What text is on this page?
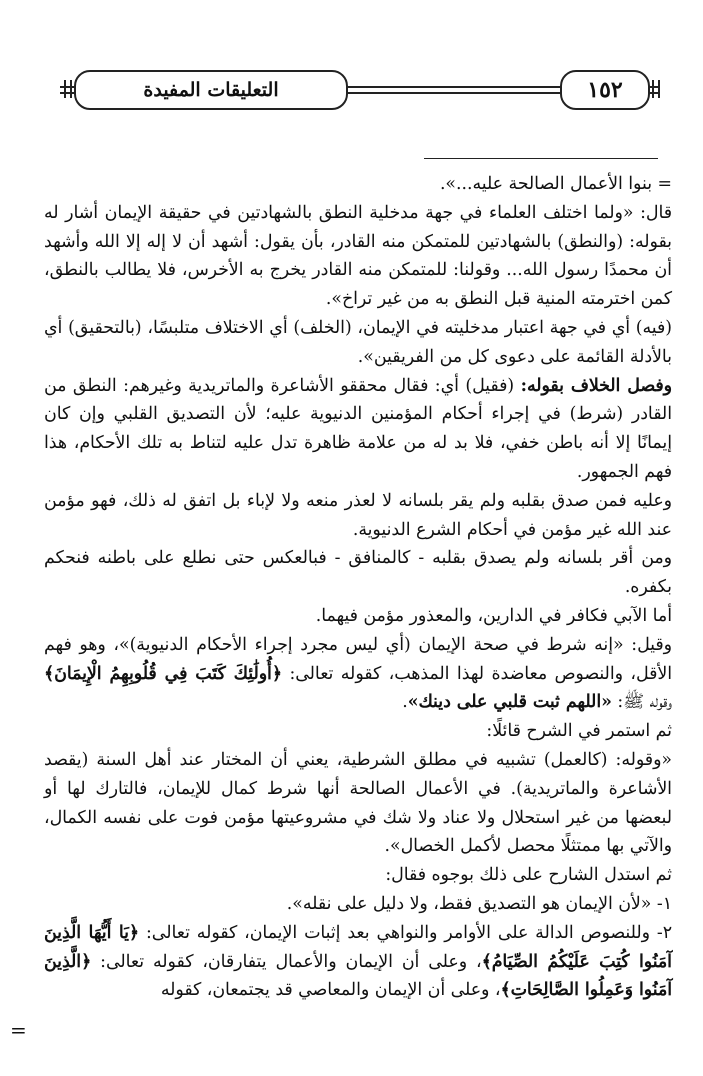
التعليقات المفيدة	١٥٢

= بنوا الأعمال الصالحة عليه...».

قال: «ولما اختلف العلماء في جهة مدخلية النطق بالشهادتين في حقيقة الإيمان أشار له بقوله: (والنطق) بالشهادتين للمتمكن منه القادر، بأن يقول: أشهد أن لا إله إلا الله وأشهد أن محمدًا رسول الله... وقولنا: للمتمكن منه القادر يخرج به الأخرس، فلا يطالب بالنطق، كمن اخترمته المنية قبل النطق به من غير تراخ».

(فيه) أي في جهة اعتبار مدخليته في الإيمان، (الخلف) أي الاختلاف متلبسًا، (بالتحقيق) أي بالأدلة القائمة على دعوى كل من الفريقين».

وفصل الخلاف بقوله: (فقيل) أي: فقال محققو الأشاعرة والماتريدية وغيرهم: النطق من القادر (شرط) في إجراء أحكام المؤمنين الدنيوية عليه؛ لأن التصديق القلبي وإن كان إيمانًا إلا أنه باطن خفي، فلا بد له من علامة ظاهرة تدل عليه لتناط به تلك الأحكام، هذا فهم الجمهور.

وعليه فمن صدق بقلبه ولم يقر بلسانه لا لعذر منعه ولا لإباء بل اتفق له ذلك، فهو مؤمن عند الله غير مؤمن في أحكام الشرع الدنيوية.

ومن أقر بلسانه ولم يصدق بقلبه - كالمنافق - فبالعكس حتى نطلع على باطنه فنحكم بكفره.

أما الآبي فكافر في الدارين، والمعذور مؤمن فيهما.

وقيل: «إنه شرط في صحة الإيمان (أي ليس مجرد إجراء الأحكام الدنيوية)»، وهو فهم الأقل، والنصوص معاضدة لهذا المذهب، كقوله تعالى: ﴿أُولَٰئِكَ كَتَبَ فِي قُلُوبِهِمُ الْإِيمَانَ﴾ وقوله ﷺ: «اللهم ثبت قلبي على دينك».

ثم استمر في الشرح قائلًا:

«وقوله: (كالعمل) تشبيه في مطلق الشرطية، يعني أن المختار عند أهل السنة (يقصد الأشاعرة والماتريدية). في الأعمال الصالحة أنها شرط كمال للإيمان، فالتارك لها أو لبعضها من غير استحلال ولا عناد ولا شك في مشروعيتها مؤمن فوت على نفسه الكمال، والآتي بها ممتثلًا محصل لأكمل الخصال».

ثم استدل الشارح على ذلك بوجوه فقال:

١- «لأن الإيمان هو التصديق فقط، ولا دليل على نقله».

٢- وللنصوص الدالة على الأوامر والنواهي بعد إثبات الإيمان، كقوله تعالى: ﴿يَا أَيُّهَا الَّذِينَ آمَنُوا كُتِبَ عَلَيْكُمُ الصِّيَامُ﴾، وعلى أن الإيمان والأعمال يتفارقان، كقوله تعالى: ﴿الَّذِينَ آمَنُوا وَعَمِلُوا الصَّالِحَاتِ﴾، وعلى أن الإيمان والمعاصي قد يجتمعان، كقوله

=
